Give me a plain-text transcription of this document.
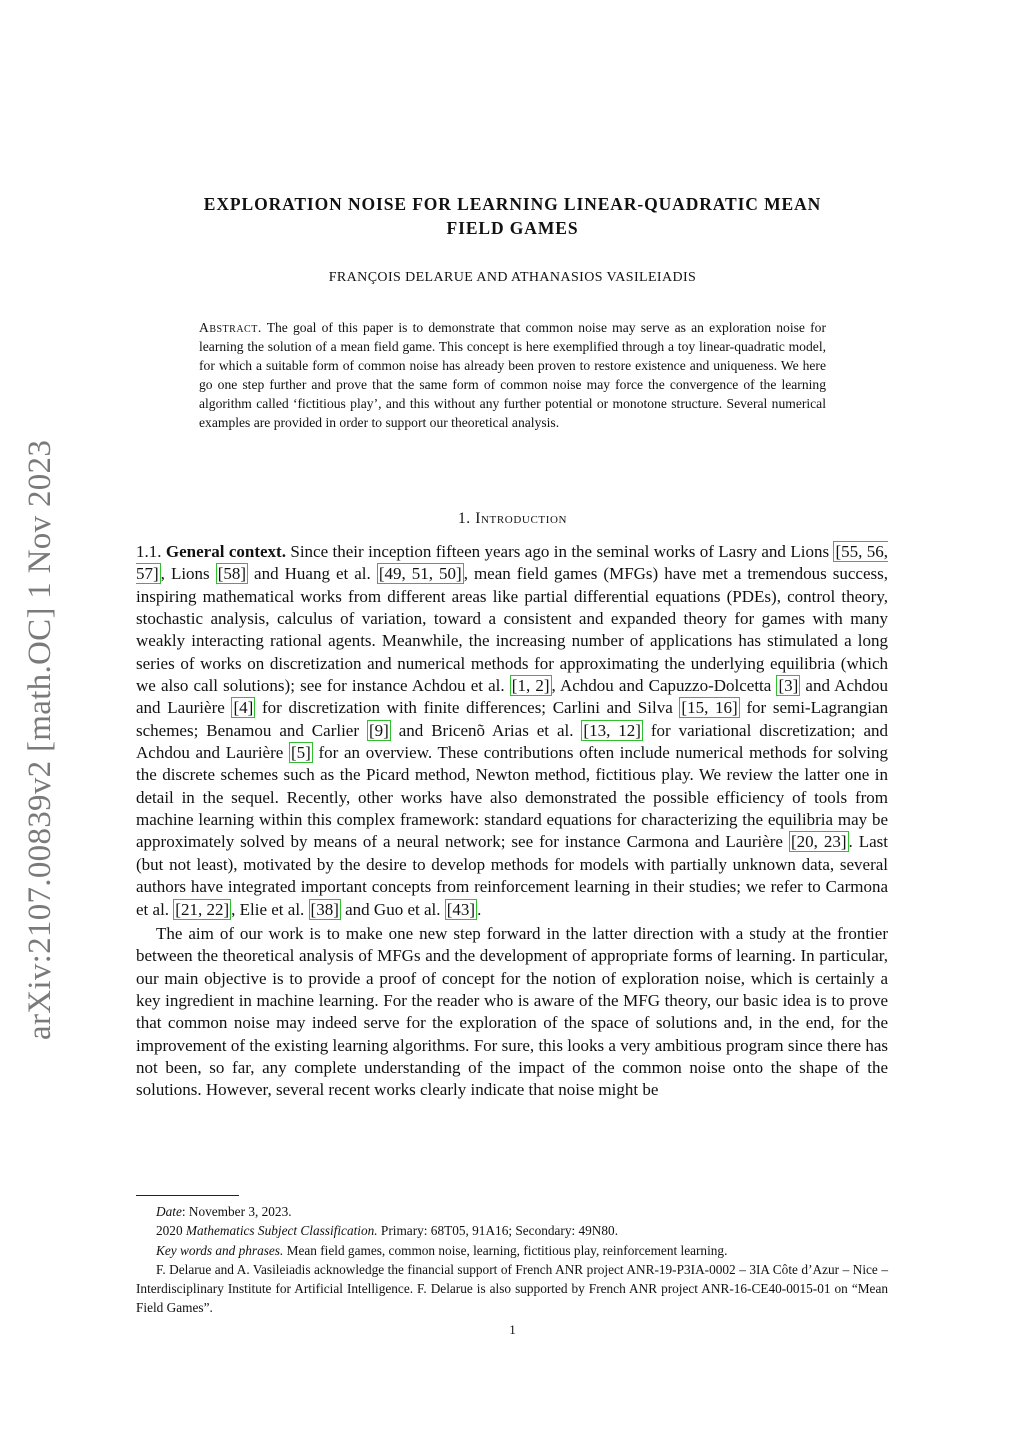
arXiv:2107.00839v2 [math.OC] 1 Nov 2023
EXPLORATION NOISE FOR LEARNING LINEAR-QUADRATIC MEAN
FIELD GAMES
FRANÇOIS DELARUE AND ATHANASIOS VASILEIADIS
Abstract. The goal of this paper is to demonstrate that common noise may serve as an exploration noise for learning the solution of a mean field game. This concept is here exemplified through a toy linear-quadratic model, for which a suitable form of common noise has already been proven to restore existence and uniqueness. We here go one step further and prove that the same form of common noise may force the convergence of the learning algorithm called ‘fictitious play’, and this without any further potential or monotone structure. Several numerical examples are provided in order to support our theoretical analysis.
1. Introduction

1.1. General context. Since their inception fifteen years ago in the seminal works of Lasry and Lions [55, 56, 57] , Lions [58] and Huang et al. [49, 51, 50] , mean field games (MFGs) have met a tremendous success, inspiring mathematical works from different areas like partial differential equations (PDEs), control theory, stochastic analysis, calculus of variation, toward a consistent and expanded theory for games with many weakly interacting rational agents. Meanwhile, the increasing number of applications has stimulated a long series of works on discretization and numerical methods for approximating the underlying equilibria (which we also call solutions); see for instance Achdou et al. [1, 2] , Achdou and Capuzzo-Dolcetta [3] and Achdou and Laurière [4] for discretization with finite differences; Carlini and Silva [15, 16] for semi-Lagrangian schemes; Benamou and Carlier [9] and Bricenõ Arias et al. [13, 12] for variational discretization; and Achdou and Laurière [5] for an overview. These contributions often include numerical methods for solving the discrete schemes such as the Picard method, Newton method, fictitious play. We review the latter one in detail in the sequel. Recently, other works have also demonstrated the possible efficiency of tools from machine learning within this complex framework: standard equations for characterizing the equilibria may be approximately solved by means of a neural network; see for instance Carmona and Laurière [20, 23] . Last (but not least), motivated by the desire to develop methods for models with partially unknown data, several authors have integrated important concepts from reinforcement learning in their studies; we refer to Carmona et al. [21, 22] , Elie et al. [38] and Guo et al. [43] .

The aim of our work is to make one new step forward in the latter direction with a study at the frontier between the theoretical analysis of MFGs and the development of appropriate forms of learning. In particular, our main objective is to provide a proof of concept for the notion of exploration noise, which is certainly a key ingredient in machine learning. For the reader who is aware of the MFG theory, our basic idea is to prove that common noise may indeed serve for the exploration of the space of solutions and, in the end, for the improvement of the existing learning algorithms. For sure, this looks a very ambitious program since there has not been, so far, any complete understanding of the impact of the common noise onto the shape of the solutions. However, several recent works clearly indicate that noise might be

Date: November 3, 2023.

2020 Mathematics Subject Classification. Primary: 68T05, 91A16; Secondary: 49N80.

Key words and phrases. Mean field games, common noise, learning, fictitious play, reinforcement learning.

F. Delarue and A. Vasileiadis acknowledge the financial support of French ANR project ANR-19-P3IA-0002 – 3IA Côte d’Azur – Nice – Interdisciplinary Institute for Artificial Intelligence. F. Delarue is also supported by French ANR project ANR-16-CE40-0015-01 on “Mean Field Games”.

1
